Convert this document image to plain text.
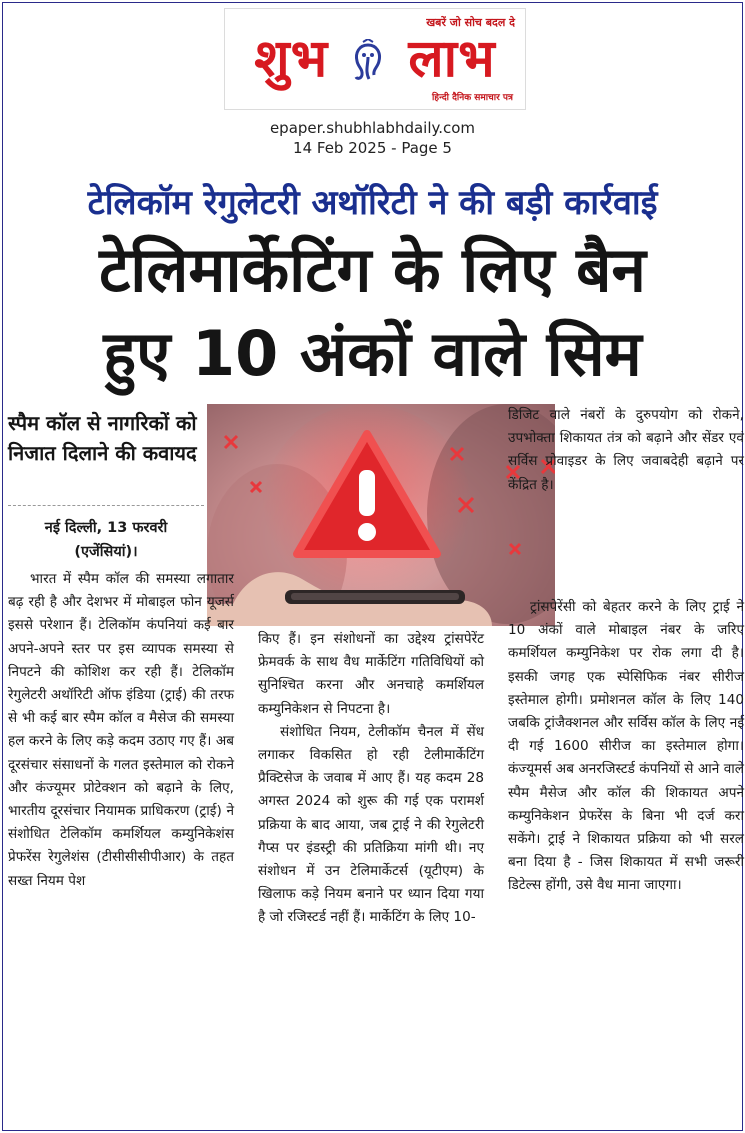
खबरें जो सोच बदल दे
शुभ लाभ
हिन्दी दैनिक समाचार पत्र
epaper.shubhlabhdaily.com
14 Feb 2025 - Page 5
टेलिकॉम रेगुलेटरी अथॉरिटी ने की बड़ी कार्रवाई
टेलिमार्केटिंग के लिए बैन
हुए 10 अंकों वाले सिम
स्पैम कॉल से नागरिकों को निजात दिलाने की कवायद
नई दिल्ली, 13 फरवरी
(एजेंसियां)।

भारत में स्पैम कॉल की समस्या लगातार बढ़ रही है और देशभर में मोबाइल फोन यूजर्स इससे परेशान हैं। टेलिकॉम कंपनियां कई बार अपने-अपने स्तर पर इस व्यापक समस्या से निपटने की कोशिश कर रही हैं। टेलिकॉम रेगुलेटरी अथॉरिटी ऑफ इंडिया (ट्राई) की तरफ से भी कई बार स्पैम कॉल व मैसेज की समस्या हल करने के लिए कड़े कदम उठाए गए हैं। अब दूरसंचार संसाधनों के गलत इस्तेमाल को रोकने और कंज्यूमर प्रोटेक्शन को बढ़ाने के लिए, भारतीय दूरसंचार नियामक प्राधिकरण (ट्राई) ने संशोधित टेलिकॉम कमर्शियल कम्युनिकेशंस प्रेफरेंस रेगुलेशंस (टीसीसीसीपीआर) के तहत सख्त नियम पेश

किए हैं। इन संशोधनों का उद्देश्य ट्रांसपेरेंट फ्रेमवर्क के साथ वैध मार्केटिंग गतिविधियों को सुनिश्चित करना और अनचाहे कमर्शियल कम्युनिकेशन से निपटना है।

संशोधित नियम, टेलीकॉम चैनल में सेंध लगाकर विकसित हो रही टेलीमार्केटिंग प्रैक्टिसेज के जवाब में आए हैं। यह कदम 28 अगस्त 2024 को शुरू की गई एक परामर्श प्रक्रिया के बाद आया, जब ट्राई ने की रेगुलेटरी गैप्स पर इंडस्ट्री की प्रतिक्रिया मांगी थी। नए संशोधन में उन टेलिमार्केटर्स (यूटीएम) के खिलाफ कड़े नियम बनाने पर ध्यान दिया गया है जो रजिस्टर्ड नहीं हैं। मार्केटिंग के लिए 10-

डिजिट वाले नंबरों के दुरुपयोग को रोकने, उपभोक्ता शिकायत तंत्र को बढ़ाने और सेंडर एवं सर्विस प्रोवाइडर के लिए जवाबदेही बढ़ाने पर केंद्रित है।

ट्रांसपेरेंसी को बेहतर करने के लिए ट्राई ने 10 अंकों वाले मोबाइल नंबर के जरिए कमर्शियल कम्युनिकेश पर रोक लगा दी है। इसकी जगह एक स्पेसिफिक नंबर सीरीज इस्तेमाल होगी। प्रमोशनल कॉल के लिए 140 जबकि ट्रांजैक्शनल और सर्विस कॉल के लिए नई दी गई 1600 सीरीज का इस्तेमाल होगा। कंज्यूमर्स अब अनरजिस्टर्ड कंपनियों से आने वाले स्पैम मैसेज और कॉल की शिकायत अपने कम्युनिकेशन प्रेफरेंस के बिना भी दर्ज करा सकेंगे। ट्राई ने शिकायत प्रक्रिया को भी सरल बना दिया है - जिस शिकायत में सभी जरूरी डिटेल्स होंगी, उसे वैध माना जाएगा।
